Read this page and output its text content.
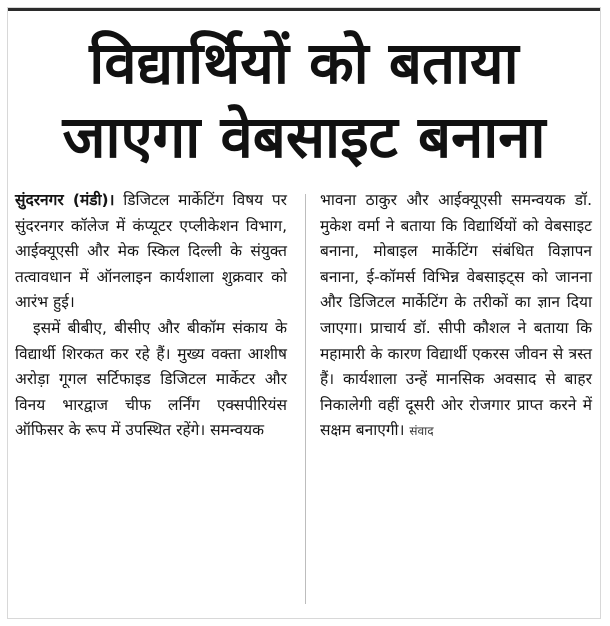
विद्यार्थियों को बताया
जाएगा वेबसाइट बनाना

सुंदरनगर (मंडी)। डिजिटल मार्केटिंग विषय पर सुंदरनगर कॉलेज में कंप्यूटर एप्लीकेशन विभाग, आईक्यूएसी और मेक स्किल दिल्ली के संयुक्त तत्वावधान में ऑनलाइन कार्यशाला शुक्रवार को आरंभ हुई।

इसमें बीबीए, बीसीए और बीकॉम संकाय के विद्यार्थी शिरकत कर रहे हैं। मुख्य वक्ता आशीष अरोड़ा गूगल सर्टिफाइड डिजिटल मार्केटर और विनय भारद्वाज चीफ लर्निंग एक्सपीरियंस ऑफिसर के रूप में उपस्थित रहेंगे। समन्वयक

भावना ठाकुर और आईक्यूएसी समन्वयक डॉ. मुकेश वर्मा ने बताया कि विद्यार्थियों को वेबसाइट बनाना, मोबाइल मार्केटिंग संबंधित विज्ञापन बनाना, ई-कॉमर्स विभिन्न वेबसाइट्स को जानना और डिजिटल मार्केटिंग के तरीकों का ज्ञान दिया जाएगा। प्राचार्य डॉ. सीपी कौशल ने बताया कि महामारी के कारण विद्यार्थी एकरस जीवन से त्रस्त हैं। कार्यशाला उन्हें मानसिक अवसाद से बाहर निकालेगी वहीं दूसरी ओर रोजगार प्राप्त करने में सक्षम बनाएगी। संवाद
